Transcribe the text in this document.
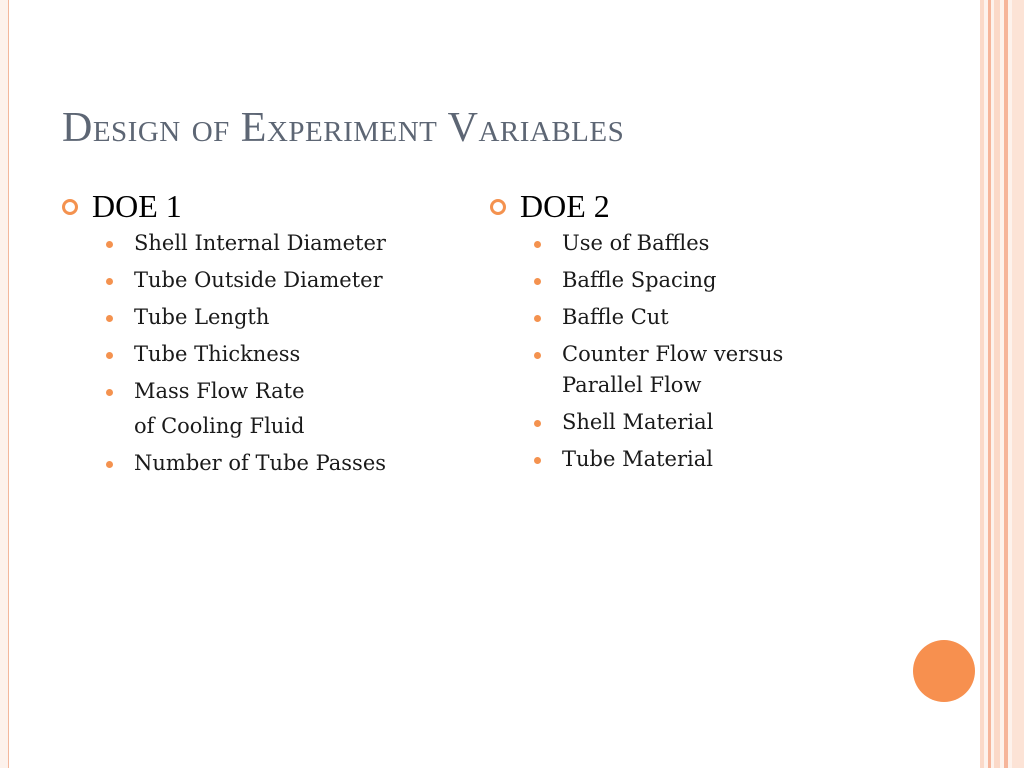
Design of Experiment Variables
DOE 1
Shell Internal Diameter
Tube Outside Diameter
Tube Length
Tube Thickness
Mass Flow Rate
of Cooling Fluid
Number of Tube Passes
DOE 2
Use of Baffles
Baffle Spacing
Baffle Cut
Counter Flow versus Parallel Flow
Shell Material
Tube Material
